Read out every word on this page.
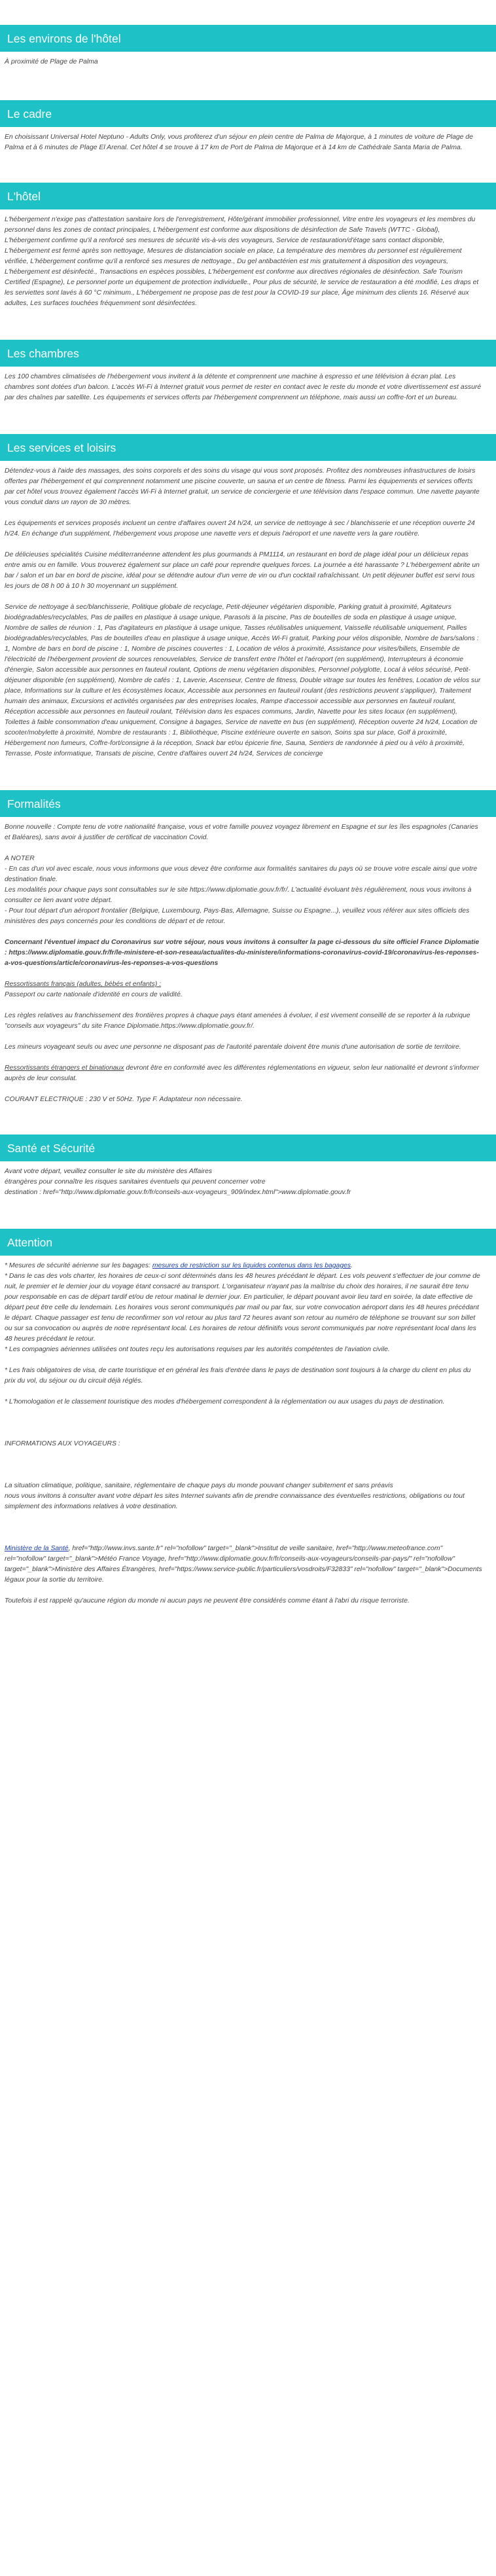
Les environs de l'hôtel

À proximité de Plage de Palma

Le cadre

En choisissant Universal Hotel Neptuno - Adults Only, vous profiterez d'un séjour en plein centre de Palma de Majorque, à 1 minutes de voiture de Plage de Palma et à 6 minutes de Plage El Arenal. Cet hôtel 4 se trouve à 17 km de Port de Palma de Majorque et à 14 km de Cathédrale Santa Maria de Palma.

L'hôtel

L'hébergement n'exige pas d'attestation sanitaire lors de l'enregistrement, Hôte/gérant immobilier professionnel, Vitre entre les voyageurs et les membres du personnel dans les zones de contact principales, L'hébergement est conforme aux dispositions de désinfection de Safe Travels (WTTC - Global), L'hébergement confirme qu'il a renforcé ses mesures de sécurité vis-à-vis des voyageurs, Service de restauration/d'étage sans contact disponible, L'hébergement est fermé après son nettoyage, Mesures de distanciation sociale en place, La température des membres du personnel est régulièrement vérifiée, L'hébergement confirme qu'il a renforcé ses mesures de nettoyage., Du gel antibactérien est mis gratuitement à disposition des voyageurs, L'hébergement est désinfecté., Transactions en espèces possibles, L'hébergement est conforme aux directives régionales de désinfection. Safe Tourism Certified (Espagne), Le personnel porte un équipement de protection individuelle., Pour plus de sécurité, le service de restauration a été modifié, Les draps et les serviettes sont lavés à 60 °C minimum., L'hébergement ne propose pas de test pour la COVID-19 sur place, Âge minimum des clients 16. Réservé aux adultes, Les surfaces touchées fréquemment sont désinfectées.

Les chambres

Les 100 chambres climatisées de l'hébergement vous invitent à la détente et comprennent une machine à espresso et une télévision à écran plat. Les chambres sont dotées d'un balcon. L'accès Wi-Fi à Internet gratuit vous permet de rester en contact avec le reste du monde et votre divertissement est assuré par des chaînes par satellite. Les équipements et services offerts par l'hébergement comprennent un téléphone, mais aussi un coffre-fort et un bureau.

Les services et loisirs

Détendez-vous à l'aide des massages, des soins corporels et des soins du visage qui vous sont proposés. Profitez des nombreuses infrastructures de loisirs offertes par l'hébergement et qui comprennent notamment une piscine couverte, un sauna et un centre de fitness. Parmi les équipements et services offerts par cet hôtel vous trouvez également l'accès Wi-Fi à Internet gratuit, un service de conciergerie et une télévision dans l'espace commun. Une navette payante vous conduit dans un rayon de 30 mètres.

Les équipements et services proposés incluent un centre d'affaires ouvert 24 h/24, un service de nettoyage à sec / blanchisserie et une réception ouverte 24 h/24. En échange d'un supplément, l'hébergement vous propose une navette vers et depuis l'aéroport et une navette vers la gare routière.

De délicieuses spécialités Cuisine méditerranéenne attendent les plus gourmands à PM1114, un restaurant en bord de plage idéal pour un délicieux repas entre amis ou en famille. Vous trouverez également sur place un café pour reprendre quelques forces. La journée a été harassante ? L'hébergement abrite un bar / salon et un bar en bord de piscine, idéal pour se détendre autour d'un verre de vin ou d'un cocktail rafraîchissant. Un petit déjeuner buffet est servi tous les jours de 08 h 00 à 10 h 30 moyennant un supplément.

Service de nettoyage à sec/blanchisserie, Politique globale de recyclage, Petit-déjeuner végétarien disponible, Parking gratuit à proximité, Agitateurs biodégradables/recyclables, Pas de pailles en plastique à usage unique, Parasols à la piscine, Pas de bouteilles de soda en plastique à usage unique, Nombre de salles de réunion : 1, Pas d'agitateurs en plastique à usage unique, Tasses réutilisables uniquement, Vaisselle réutilisable uniquement, Pailles biodégradables/recyclables, Pas de bouteilles d'eau en plastique à usage unique, Accès Wi-Fi gratuit, Parking pour vélos disponible, Nombre de bars/salons : 1, Nombre de bars en bord de piscine : 1, Nombre de piscines couvertes : 1, Location de vélos à proximité, Assistance pour visites/billets, Ensemble de l'électricité de l'hébergement provient de sources renouvelables, Service de transfert entre l'hôtel et l'aéroport (en supplément), Interrupteurs à économie d'énergie, Salon accessible aux personnes en fauteuil roulant, Options de menu végétarien disponibles, Personnel polyglotte, Local à vélos sécurisé, Petit-déjeuner disponible (en supplément), Nombre de cafés : 1, Laverie, Ascenseur, Centre de fitness, Double vitrage sur toutes les fenêtres, Location de vélos sur place, Informations sur la culture et les écosystèmes locaux, Accessible aux personnes en fauteuil roulant (des restrictions peuvent s'appliquer), Traitement humain des animaux, Excursions et activités organisées par des entreprises locales, Rampe d'accessoir accessible aux personnes en fauteuil roulant, Réception accessible aux personnes en fauteuil roulant, Télévision dans les espaces communs, Jardin, Navette pour les sites locaux (en supplément), Toilettes à faible consommation d'eau uniquement, Consigne à bagages, Service de navette en bus (en supplément), Réception ouverte 24 h/24, Location de scooter/mobylette à proximité, Nombre de restaurants : 1, Bibliothèque, Piscine extérieure ouverte en saison, Soins spa sur place, Golf à proximité, Hébergement non fumeurs, Coffre-fort/consigne à la réception, Snack bar et/ou épicerie fine, Sauna, Sentiers de randonnée à pied ou à vélo à proximité, Terrasse, Poste informatique, Transats de piscine, Centre d'affaires ouvert 24 h/24, Services de concierge

Formalités

Bonne nouvelle : Compte tenu de votre nationalité française, vous et votre famille pouvez voyagez librement en Espagne et sur les îles espagnoles (Canaries et Baléares), sans avoir à justifier de certificat de vaccination Covid.

A NOTER

- En cas d'un vol avec escale, nous vous informons que vous devez être conforme aux formalités sanitaires du pays où se trouve votre escale ainsi que votre destination finale.

Les modalités pour chaque pays sont consultables sur le site https://www.diplomatie.gouv.fr/fr/. L'actualité évoluant très régulièrement, nous vous invitons à consulter ce lien avant votre départ.

- Pour tout départ d'un aéroport frontalier (Belgique, Luxembourg, Pays-Bas, Allemagne, Suisse ou Espagne...), veuillez vous référer aux sites officiels des ministères des pays concernés pour les conditions de départ et de retour.

Concernant l'éventuel impact du Coronavirus sur votre séjour, nous vous invitons à consulter la page ci-dessous du site officiel France Diplomatie : https://www.diplomatie.gouv.fr/fr/le-ministere-et-son-reseau/actualites-du-ministere/informations-coronavirus-covid-19/coronavirus-les-reponses-a-vos-questions/article/coronavirus-les-reponses-a-vos-questions

Ressortissants français (adultes, bébés et enfants) :

Passeport ou carte nationale d'identité en cours de validité.

Les règles relatives au franchissement des frontières propres à chaque pays étant amenées à évoluer, il est vivement conseillé de se reporter à la rubrique "conseils aux voyageurs" du site France Diplomatie.https://www.diplomatie.gouv.fr/.

Les mineurs voyageant seuls ou avec une personne ne disposant pas de l'autorité parentale doivent être munis d'une autorisation de sortie de territoire.

Ressortissants étrangers et binationaux devront être en conformité avec les différentes réglementations en vigueur, selon leur nationalité et devront s'informer auprès de leur consulat.

COURANT ELECTRIQUE : 230 V et 50Hz. Type F. Adaptateur non nécessaire.

Santé et Sécurité

Avant votre départ, veuillez consulter le site du ministère des Affaires

étrangères pour connaître les risques sanitaires éventuels qui peuvent concerner votre

destination : href="http://www.diplomatie.gouv.fr/fr/conseils-aux-voyageurs_909/index.html">www.diplomatie.gouv.fr

Attention

* Mesures de sécurité aérienne sur les bagages: mesures de restriction sur les liquides contenus dans les bagages.

* Dans le cas des vols charter, les horaires de ceux-ci sont déterminés dans les 48 heures précédant le départ. Les vols peuvent s'effectuer de jour comme de nuit, le premier et le dernier jour du voyage étant consacré au transport. L'organisateur n'ayant pas la maîtrise du choix des horaires, il ne saurait être tenu pour responsable en cas de départ tardif et/ou de retour matinal le dernier jour. En particulier, le départ pouvant avoir lieu tard en soirée, la date effective de départ peut être celle du lendemain. Les horaires vous seront communiqués par mail ou par fax, sur votre convocation aéroport dans les 48 heures précédant le départ. Chaque passager est tenu de reconfirmer son vol retour au plus tard 72 heures avant son retour au numéro de téléphone se trouvant sur son billet ou sur sa convocation ou auprès de notre représentant local. Les horaires de retour définitifs vous seront communiqués par notre représentant local dans les 48 heures précédant le retour.

* Les compagnies aériennes utilisées ont toutes reçu les autorisations requises par les autorités compétentes de l'aviation civile.

* Les frais obligatoires de visa, de carte touristique et en général les frais d'entrée dans le pays de destination sont toujours à la charge du client en plus du prix du vol, du séjour ou du circuit déjà réglés.

* L'homologation et le classement touristique des modes d'hébergement correspondent à la réglementation ou aux usages du pays de destination.

INFORMATIONS AUX VOYAGEURS :

La situation climatique, politique, sanitaire, réglementaire de chaque pays du monde pouvant changer subitement et sans préavis

nous vous invitons à consulter avant votre départ les sites Internet suivants afin de prendre connaissance des éventuelles restrictions, obligations ou tout simplement des informations relatives à votre destination.

Ministère de la Santé, href="http://www.invs.sante.fr" rel="nofollow" target="_blank">Institut de veille sanitaire, href="http://www.meteofrance.com" rel="nofollow" target="_blank">Météo France Voyage, href="http://www.diplomatie.gouv.fr/fr/conseils-aux-voyageurs/conseils-par-pays/" rel="nofollow" target="_blank">Ministère des Affaires Étrangères, href="https://www.service-public.fr/particuliers/vosdroits/F32833" rel="nofollow" target="_blank">Documents légaux pour la sortie du territoire.

Toutefois il est rappelé qu'aucune région du monde ni aucun pays ne peuvent être considérés comme étant à l'abri du risque terroriste.
